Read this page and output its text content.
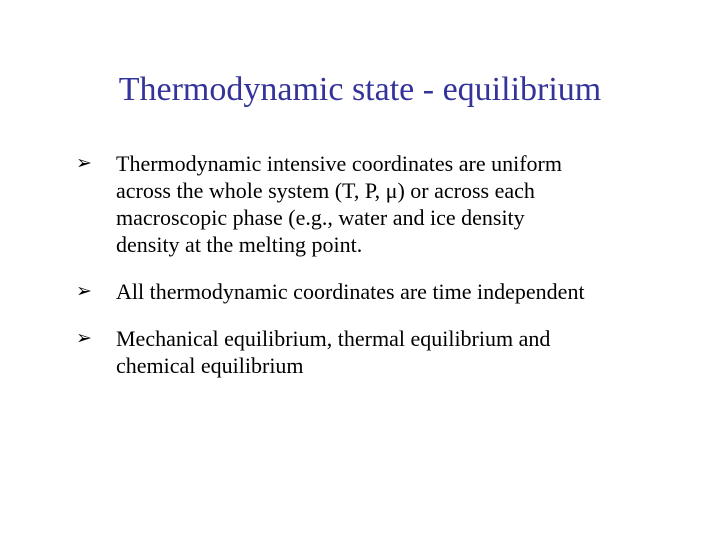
Thermodynamic state - equilibrium
➢	Thermodynamic intensive coordinates are uniform
across the whole system (T, P, μ) or across each
macroscopic phase (e.g., water and ice density
density at the melting point.
➢	All thermodynamic coordinates are time independent
➢	Mechanical equilibrium, thermal equilibrium and
chemical equilibrium
